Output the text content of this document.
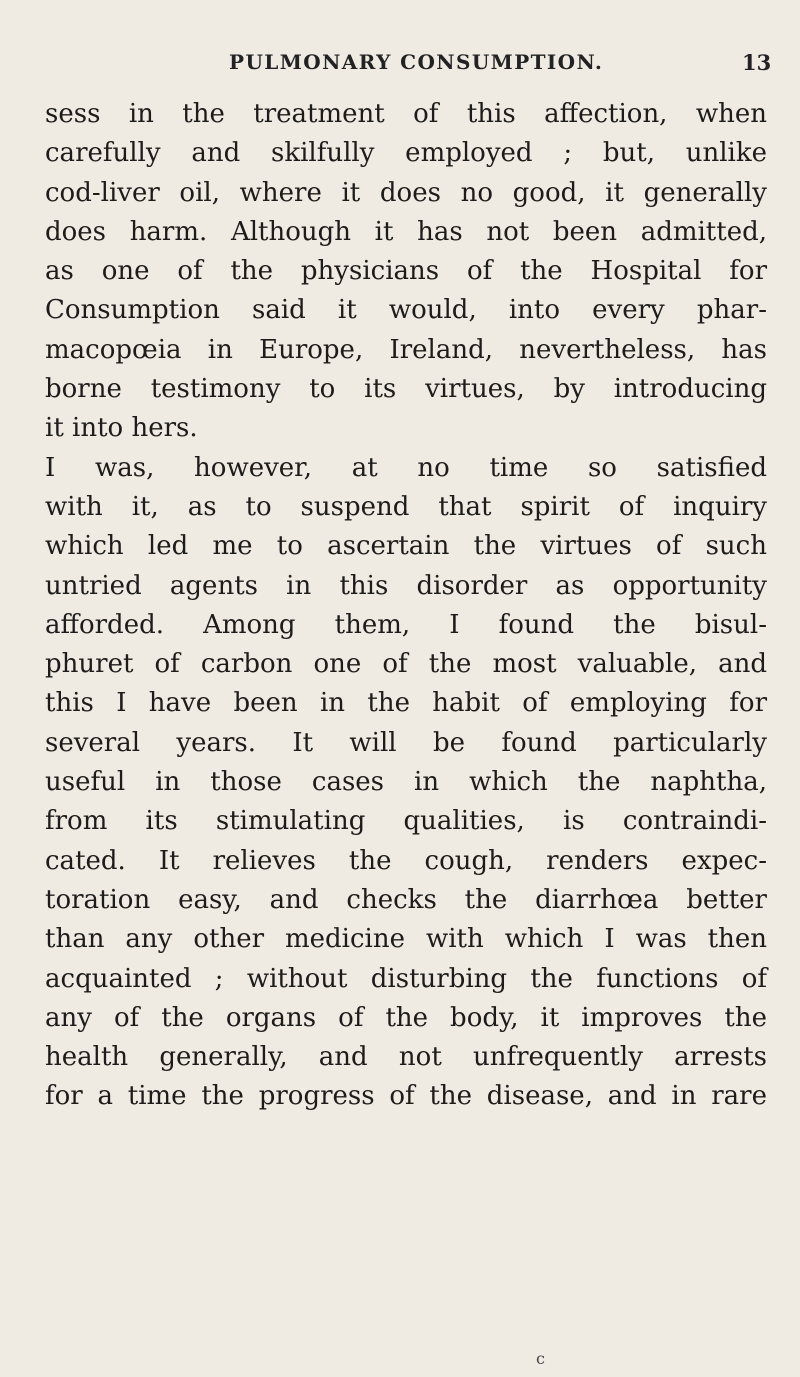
PULMONARY CONSUMPTION.	13
sess in the treatment of this affection, when
carefully and skilfully employed ; but, unlike
cod-liver oil, where it does no good, it generally
does harm. Although it has not been admitted,
as one of the physicians of the Hospital for
Consumption said it would, into every phar-
macopœia in Europe, Ireland, nevertheless, has
borne testimony to its virtues, by introducing
it into hers.
I was, however, at no time so satisfied
with it, as to suspend that spirit of inquiry
which led me to ascertain the virtues of such
untried agents in this disorder as opportunity
afforded. Among them, I found the bisul-
phuret of carbon one of the most valuable, and
this I have been in the habit of employing for
several years. It will be found particularly
useful in those cases in which the naphtha,
from its stimulating qualities, is contraindi-
cated. It relieves the cough, renders expec-
toration easy, and checks the diarrhœa better
than any other medicine with which I was then
acquainted ; without disturbing the functions of
any of the organs of the body, it improves the
health generally, and not unfrequently arrests
for a time the progress of the disease, and in rare
c
